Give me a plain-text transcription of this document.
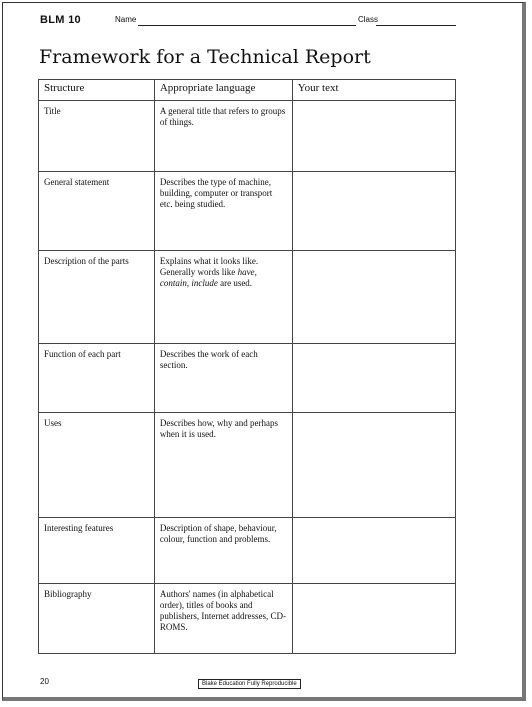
BLM 10	Name	Class
Framework for a Technical Report
Structure	Appropriate language	Your text
Title	A general title that refers to groups of things.	
General statement	Describes the type of machine, building, computer or transport etc. being studied.	
Description of the parts	Explains what it looks like. Generally words like have, contain, include are used.	
Function of each part	Describes the work of each section.	
Uses	Describes how, why and perhaps when it is used.	
Interesting features	Description of shape, behaviour, colour, function and problems.	
Bibliography	Authors' names (in alphabetical order), titles of books and publishers, Internet addresses, CD-ROMS.	
20	Blake Education Fully Reproducible
